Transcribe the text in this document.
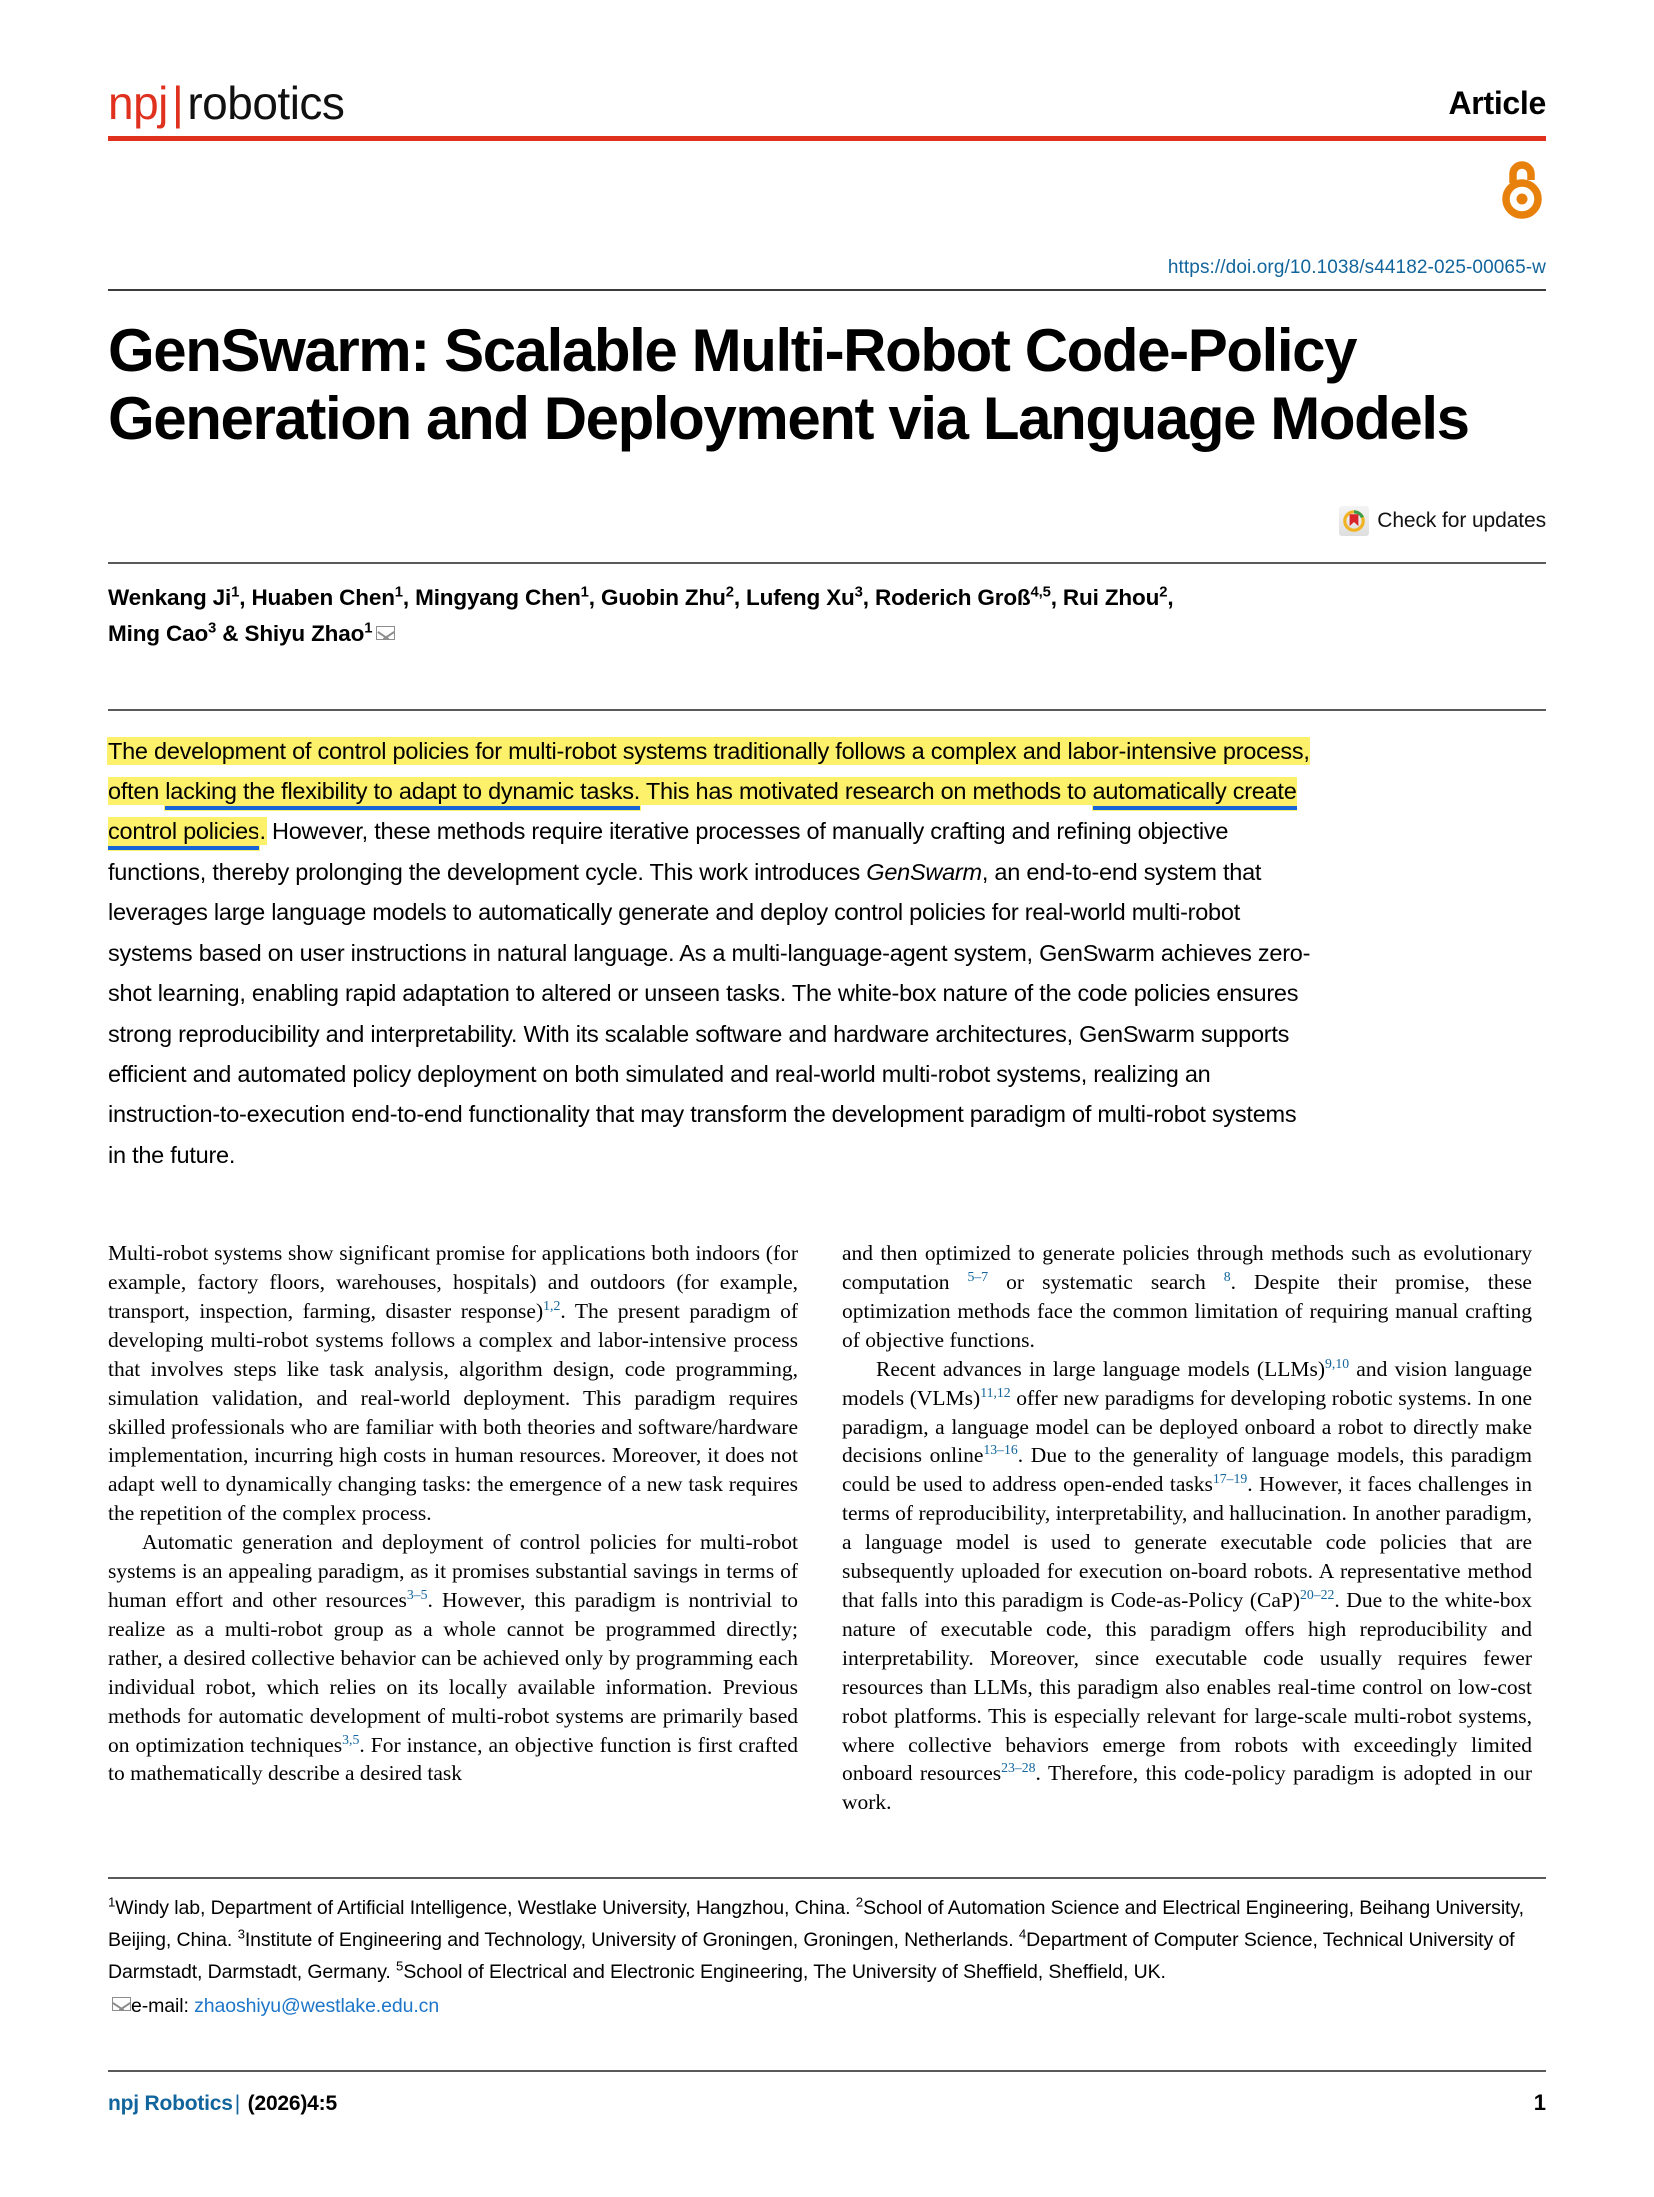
npj|robotics	Article
https://doi.org/10.1038/s44182-025-00065-w
GenSwarm: Scalable Multi-Robot Code-Policy Generation and Deployment via Language Models
Check for updates
Wenkang Ji$^1$, Huaben Chen$^1$, Mingyang Chen$^1$, Guobin Zhu$^2$, Lufeng Xu$^3$, Roderich Groß$^{4,5}$, Rui Zhou$^2$,
Ming Cao$^3$ & Shiyu Zhao$^1$
The development of control policies for multi-robot systems traditionally follows a complex and labor-intensive process, often lacking the flexibility to adapt to dynamic tasks. This has motivated research on methods to automatically create control policies. However, these methods require iterative processes of manually crafting and refining objective functions, thereby prolonging the development cycle. This work introduces GenSwarm, an end-to-end system that leverages large language models to automatically generate and deploy control policies for real-world multi-robot systems based on user instructions in natural language. As a multi-language-agent system, GenSwarm achieves zero-shot learning, enabling rapid adaptation to altered or unseen tasks. The white-box nature of the code policies ensures strong reproducibility and interpretability. With its scalable software and hardware architectures, GenSwarm supports efficient and automated policy deployment on both simulated and real-world multi-robot systems, realizing an instruction-to-execution end-to-end functionality that may transform the development paradigm of multi-robot systems in the future.

Multi-robot systems show significant promise for applications both indoors (for example, factory floors, warehouses, hospitals) and outdoors (for example, transport, inspection, farming, disaster response)$^{1,2}$. The present paradigm of developing multi-robot systems follows a complex and labor-intensive process that involves steps like task analysis, algorithm design, code programming, simulation validation, and real-world deployment. This paradigm requires skilled professionals who are familiar with both theories and software/hardware implementation, incurring high costs in human resources. Moreover, it does not adapt well to dynamically changing tasks: the emergence of a new task requires the repetition of the complex process.

Automatic generation and deployment of control policies for multi-robot systems is an appealing paradigm, as it promises substantial savings in terms of human effort and other resources$^{3-5}$. However, this paradigm is nontrivial to realize as a multi-robot group as a whole cannot be programmed directly; rather, a desired collective behavior can be achieved only by programming each individual robot, which relies on its locally available information. Previous methods for automatic development of multi-robot systems are primarily based on optimization techniques$^{3,5}$. For instance, an objective function is first crafted to mathematically describe a desired task

and then optimized to generate policies through methods such as evolutionary computation $^{5-7}$ or systematic search $^8$. Despite their promise, these optimization methods face the common limitation of requiring manual crafting of objective functions.

Recent advances in large language models (LLMs)$^{9,10}$ and vision language models (VLMs)$^{11,12}$ offer new paradigms for developing robotic systems. In one paradigm, a language model can be deployed onboard a robot to directly make decisions online$^{13-16}$. Due to the generality of language models, this paradigm could be used to address open-ended tasks$^{17-19}$. However, it faces challenges in terms of reproducibility, interpretability, and hallucination. In another paradigm, a language model is used to generate executable code policies that are subsequently uploaded for execution on-board robots. A representative method that falls into this paradigm is Code-as-Policy (CaP)$^{20-22}$. Due to the white-box nature of executable code, this paradigm offers high reproducibility and interpretability. Moreover, since executable code usually requires fewer resources than LLMs, this paradigm also enables real-time control on low-cost robot platforms. This is especially relevant for large-scale multi-robot systems, where collective behaviors emerge from robots with exceedingly limited onboard resources$^{23-28}$. Therefore, this code-policy paradigm is adopted in our work.

$^1$Windy lab, Department of Artificial Intelligence, Westlake University, Hangzhou, China. $^2$School of Automation Science and Electrical Engineering, Beihang University, Beijing, China. $^3$Institute of Engineering and Technology, University of Groningen, Groningen, Netherlands. $^4$Department of Computer Science, Technical University of Darmstadt, Darmstadt, Germany. $^5$School of Electrical and Electronic Engineering, The University of Sheffield, Sheffield, UK.
e-mail: zhaoshiyu@westlake.edu.cn
npj Robotics| (2026)4:5	1
